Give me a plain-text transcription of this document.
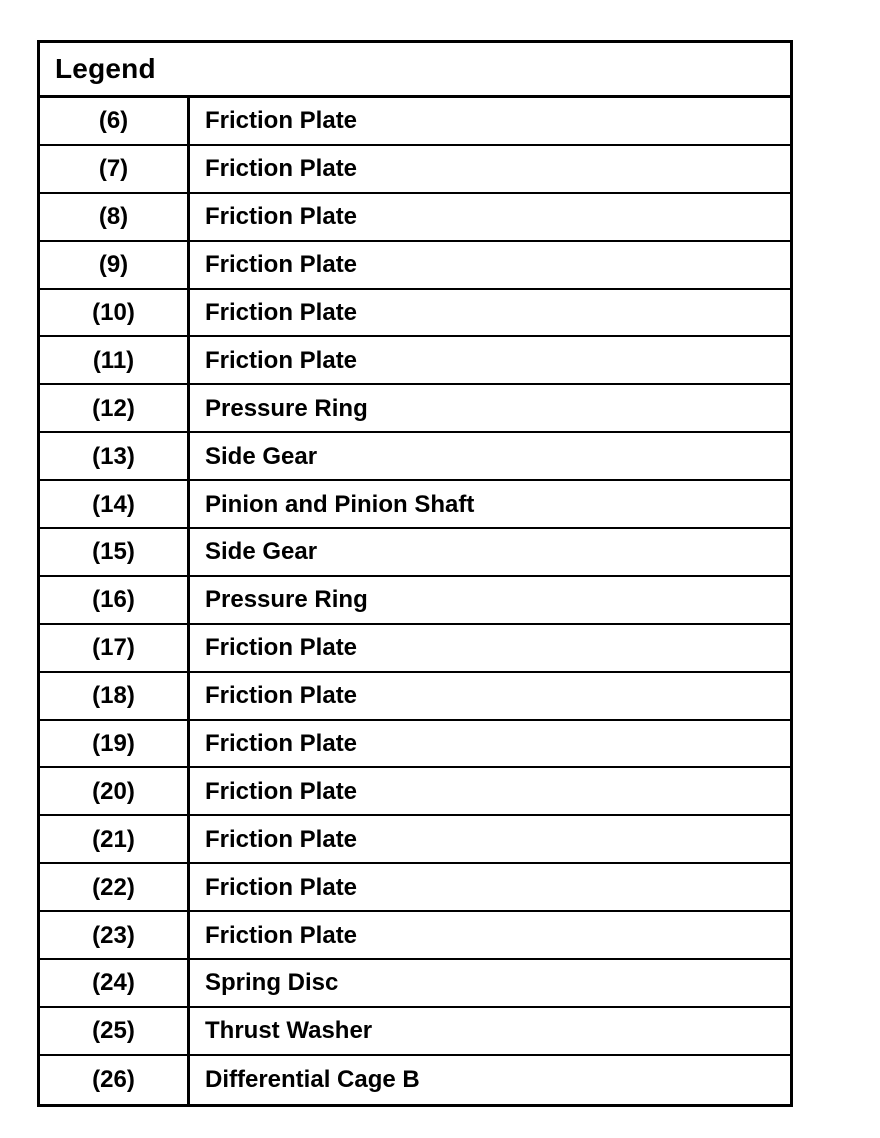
Legend
(6)	Friction Plate
(7)	Friction Plate
(8)	Friction Plate
(9)	Friction Plate
(10)	Friction Plate
(11)	Friction Plate
(12)	Pressure Ring
(13)	Side Gear
(14)	Pinion and Pinion Shaft
(15)	Side Gear
(16)	Pressure Ring
(17)	Friction Plate
(18)	Friction Plate
(19)	Friction Plate
(20)	Friction Plate
(21)	Friction Plate
(22)	Friction Plate
(23)	Friction Plate
(24)	Spring Disc
(25)	Thrust Washer
(26)	Differential Cage B
